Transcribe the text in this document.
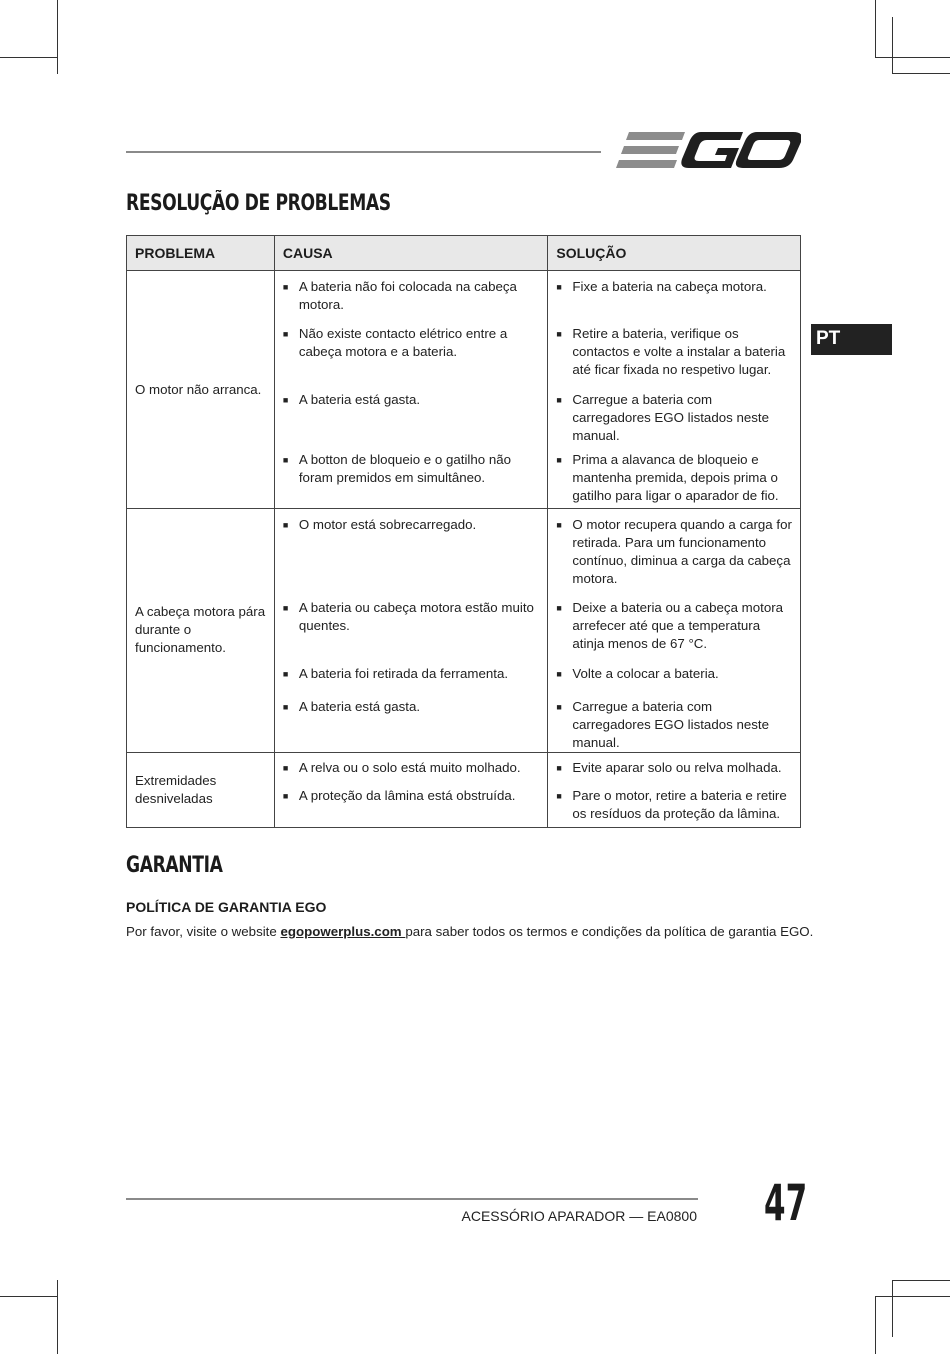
PT
RESOLUÇÃO DE PROBLEMAS
PROBLEMA	CAUSA	SOLUÇÃO
O motor não arranca.	■ A bateria não foi colocada na cabeça motora.	■ Fixe a bateria na cabeça motora.

	■ Não existe contacto elétrico entre a cabeça motora e a bateria.	■ Retire a bateria, verifique os contactos e volte a instalar a bateria até ficar fixada no respetivo lugar.

	■ A bateria está gasta.	■ Carregue a bateria com carregadores EGO listados neste manual.

	■ A botton de bloqueio e o gatilho não foram premidos em simultâneo.	■ Prima a alavanca de bloqueio e mantenha premida, depois prima o gatilho para ligar o aparador de fio.

A cabeça motora pára durante o funcionamento.	■ O motor está sobrecarregado.	■ O motor recupera quando a carga for retirada. Para um funcionamento contínuo, diminua a carga da cabeça motora.

	■ A bateria ou cabeça motora estão muito quentes.	■ Deixe a bateria ou a cabeça motora arrefecer até que a temperatura atinja menos de 67 °C.

	■ A bateria foi retirada da ferramenta.	■ Volte a colocar a bateria.

	■ A bateria está gasta.	■ Carregue a bateria com carregadores EGO listados neste manual.

Extremidades desniveladas	■ A relva ou o solo está muito molhado.	■ Evite aparar solo ou relva molhada.

	■ A proteção da lâmina está obstruída.	■ Pare o motor, retire a bateria e retire os resíduos da proteção da lâmina.
GARANTIA
POLÍTICA DE GARANTIA EGO
Por favor, visite o website egopowerplus.com para saber todos os termos e condições da política de garantia EGO.
ACESSÓRIO APARADOR — EA0800 47
